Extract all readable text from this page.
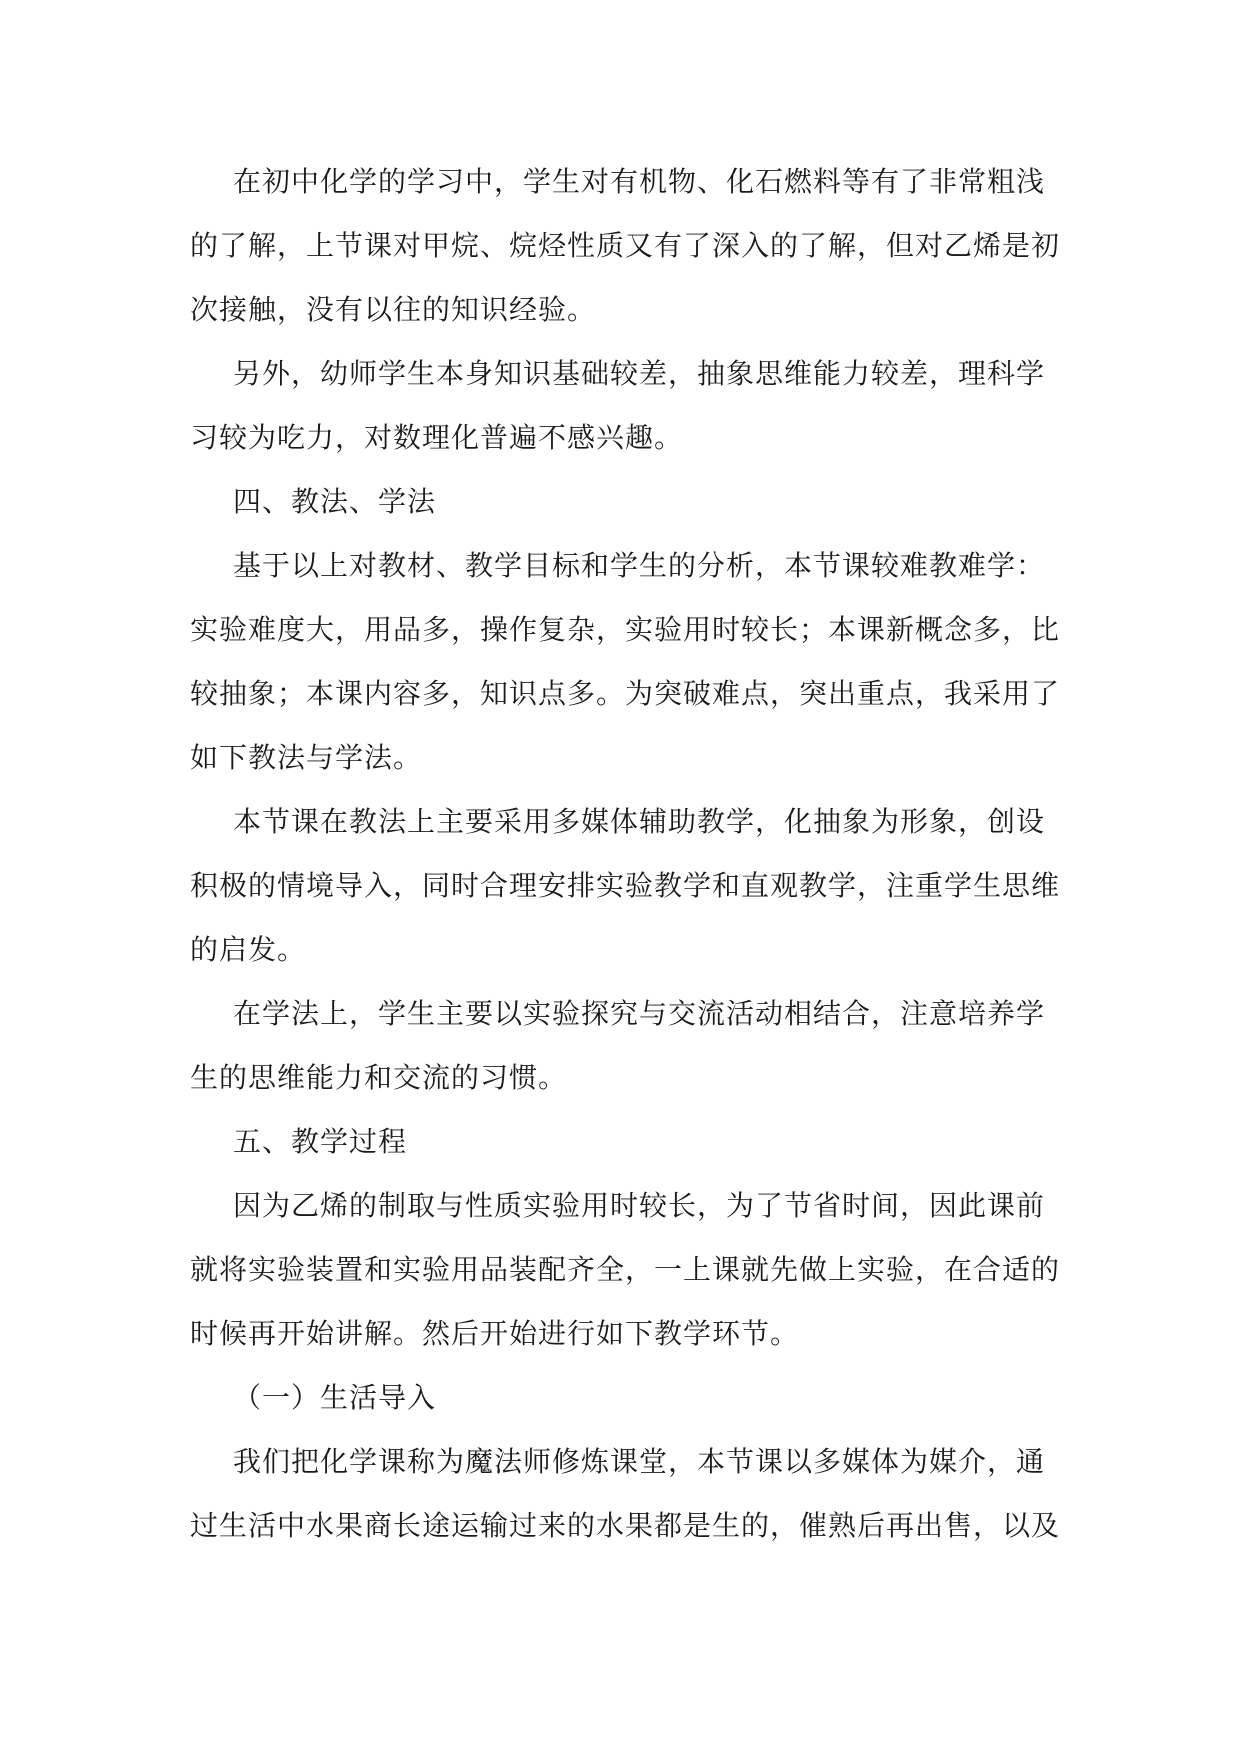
在初中化学的学习中，学生对有机物、化石燃料等有了非常粗浅
的了解，上节课对甲烷、烷烃性质又有了深入的了解，但对乙烯是初
次接触，没有以往的知识经验。

另外，幼师学生本身知识基础较差，抽象思维能力较差，理科学
习较为吃力，对数理化普遍不感兴趣。

四、教法、学法

基于以上对教材、教学目标和学生的分析，本节课较难教难学：
实验难度大，用品多，操作复杂，实验用时较长；本课新概念多，比
较抽象；本课内容多，知识点多。为突破难点，突出重点，我采用了
如下教法与学法。

本节课在教法上主要采用多媒体辅助教学，化抽象为形象，创设
积极的情境导入，同时合理安排实验教学和直观教学，注重学生思维
的启发。

在学法上，学生主要以实验探究与交流活动相结合，注意培养学
生的思维能力和交流的习惯。

五、教学过程

因为乙烯的制取与性质实验用时较长，为了节省时间，因此课前
就将实验装置和实验用品装配齐全，一上课就先做上实验，在合适的
时候再开始讲解。然后开始进行如下教学环节。

（一）生活导入

我们把化学课称为魔法师修炼课堂，本节课以多媒体为媒介，通
过生活中水果商长途运输过来的水果都是生的，催熟后再出售，以及
